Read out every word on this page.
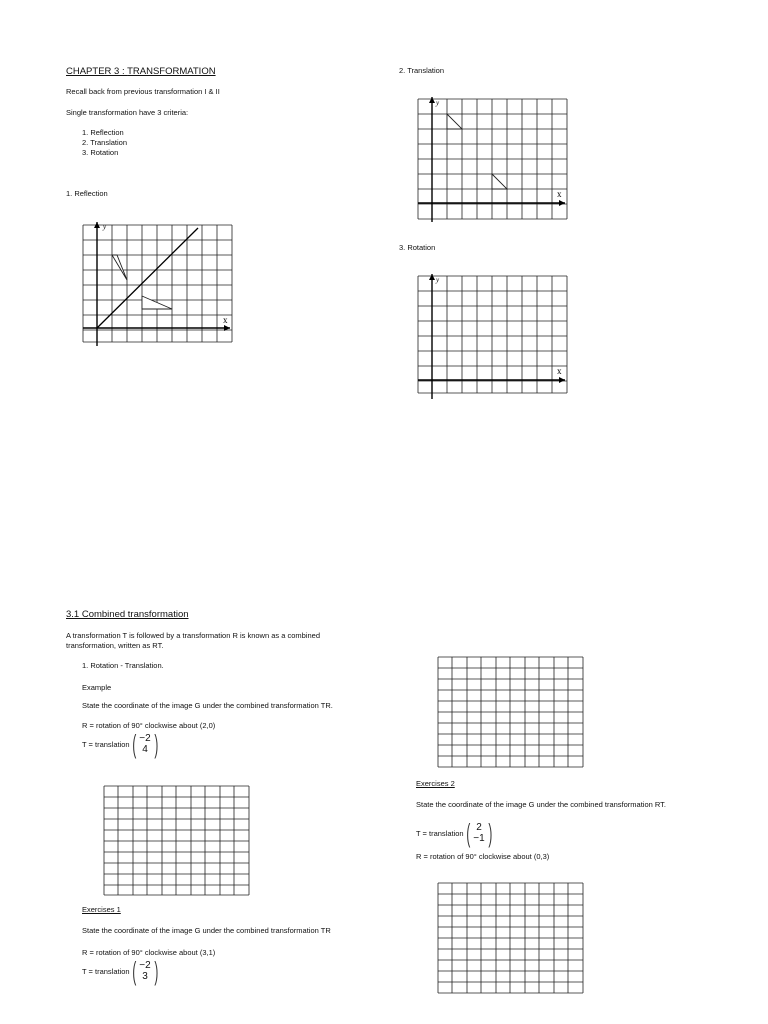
CHAPTER 3 : TRANSFORMATION
Recall back from previous transformation I & II
Single transformation have 3 criteria:
1. Reflection
2. Translation
3. Rotation
1. Reflection
y
x
2. Translation
y
x
3. Rotation
y
x
3.1 Combined transformation
A transformation T is followed by a transformation R is known as a combined
transformation, written as RT.
1. Rotation - Translation.
Example
State the coordinate of the image G under the combined transformation TR.
R = rotation of 90° clockwise about (2,0)
T = translation ( −2
4 )
Exercises 1
State the coordinate of the image G under the combined transformation TR
R = rotation of 90° clockwise about (3,1)
T = translation ( −2
3 )
Exercises 2
State the coordinate of the image G under the combined transformation RT.
T = translation ( 2
−1 )
R = rotation of 90° clockwise about (0,3)
